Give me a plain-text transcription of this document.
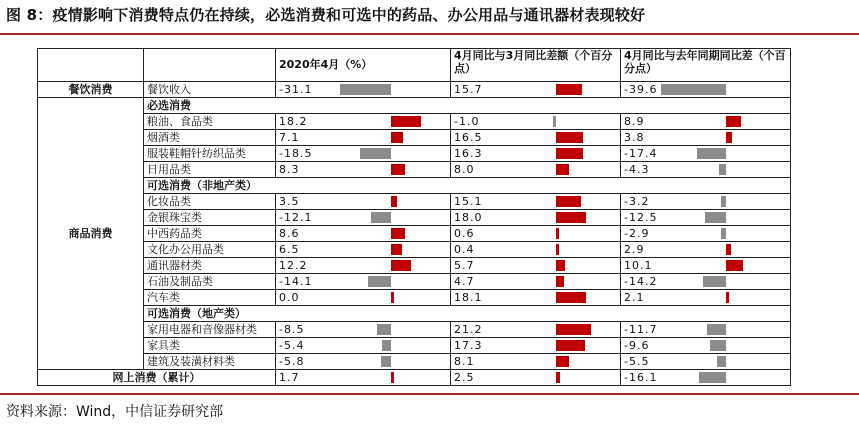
图 8：疫情影响下消费特点仍在持续，必选消费和可选中的药品、办公用品与通讯器材表现较好
		2020年4月（%）	4月同比与3月同比差额（个百分点）	4月同比与去年同期同比差（个百分点）
餐饮消费	餐饮收入	-31.1	15.7	-39.6

商品消费	必选消费			
	粮油、食品类	18.2	-1.0	8.9

	烟酒类	7.1	16.5	3.8

	服装鞋帽针纺织品类	-18.5	16.3	-17.4

	日用品类	8.3	8.0	-4.3

	可选消费（非地产类）			
	化妆品类	3.5	15.1	-3.2

	金银珠宝类	-12.1	18.0	-12.5

	中西药品类	8.6	0.6	-2.9

	文化办公用品类	6.5	0.4	2.9

	通讯器材类	12.2	5.7	10.1

	石油及制品类	-14.1	4.7	-14.2

	汽车类	0.0	18.1	2.1

	可选消费（地产类）			
	家用电器和音像器材类	-8.5	21.2	-11.7

	家具类	-5.4	17.3	-9.6

	建筑及装潢材料类	-5.8	8.1	-5.5

网上消费（累计）		1.7	2.5	-16.1
资料来源：Wind，中信证券研究部
